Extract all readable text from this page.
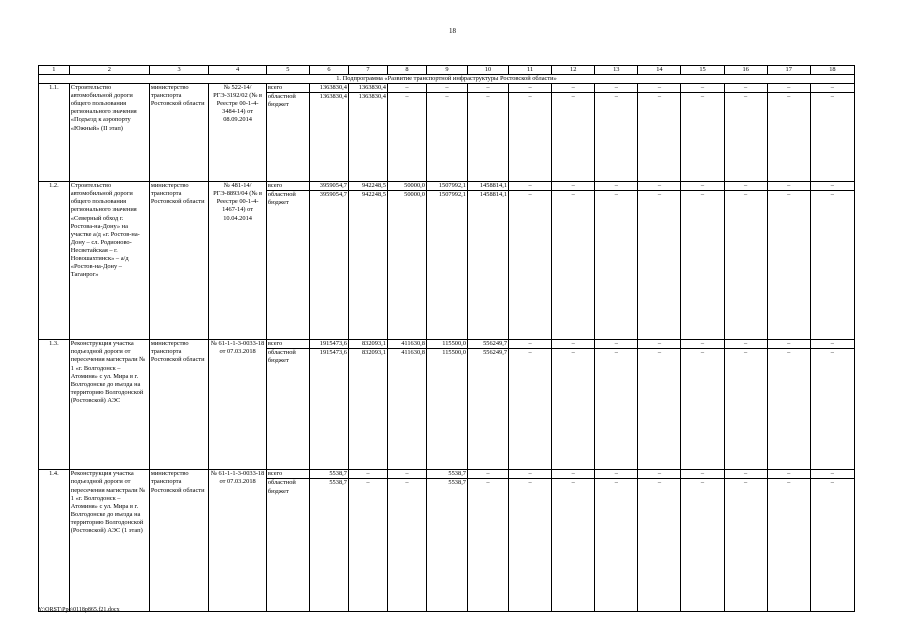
18
1	2	3	4	5	6	7	8	9	10	11	12	13	14	15	16	17	18
1. Подпрограмма «Развитие транспортной инфраструктуры Ростовской области»																	
1.1.	Строительство автомобильной дороги общего пользования регионального значения «Подъезд к аэропорту «Южный» (II этап)	министерство транспорта Ростовской области	№ 522-14/РГЭ-3192/02 (№ в Реестре 00-1-4-3484-14) от 08.09.2014	всего	1363830,4	1363830,4	–	–	–	–	–	–	–	–	–	–	–
				областной бюджет	1363830,4	1363830,4	–	–	–	–	–	–	–	–	–	–	–
1.2.	Строительство автомобильной дороги общего пользования регионального значения «Северный обход г. Ростова-на-Дону» на участке а/д «г. Ростов-на-Дону – сл. Родионово-Несветайская – г. Новошахтинск» – а/д «Ростов-на-Дону – Таганрог»	министерство транспорта Ростовской области	№ 481-14/РГЭ-8893/04 (№ в Реестре 00-1-4-1467-14) от 10.04.2014	всего	3959054,7	942248,5	50000,0	1507992,1	1458814,1	–	–	–	–	–	–	–	–
				областной бюджет	3959054,7	942248,5	50000,0	1507992,1	1458814,1	–	–	–	–	–	–	–	–
1.3.	Реконструкция участка подъездной дороги от пересечения магистрали № 1 «г. Волгодонск – Атоминя» с ул. Мира в г. Волгодонске до въезда на территорию Волгодонской (Ростовской) АЭС	министерство транспорта Ростовской области	№ 61-1-1-3-0033-18 от 07.03.2018	всего	1915473,6	832093,1	411630,8	115500,0	556249,7	–	–	–	–	–	–	–	–
				областной бюджет	1915473,6	832093,1	411630,8	115500,0	556249,7	–	–	–	–	–	–	–	–
1.4.	Реконструкция участка подъездной дороги от пересечения магистрали № 1 «г. Волгодонск – Атоминя» с ул. Мира в г. Волгодонске до въезда на территорию Волгодонской (Ростовской) АЭС (1 этап)	министерство транспорта Ростовской области	№ 61-1-1-3-0033-18 от 07.03.2018	всего	5538,7	–	–	5538,7	–	–	–	–	–	–	–	–	–
				областной бюджет	5538,7	–	–	5538,7	–	–	–	–	–	–	–	–	–
Y:\ORST\Ppo\0118p865.f21.docx
